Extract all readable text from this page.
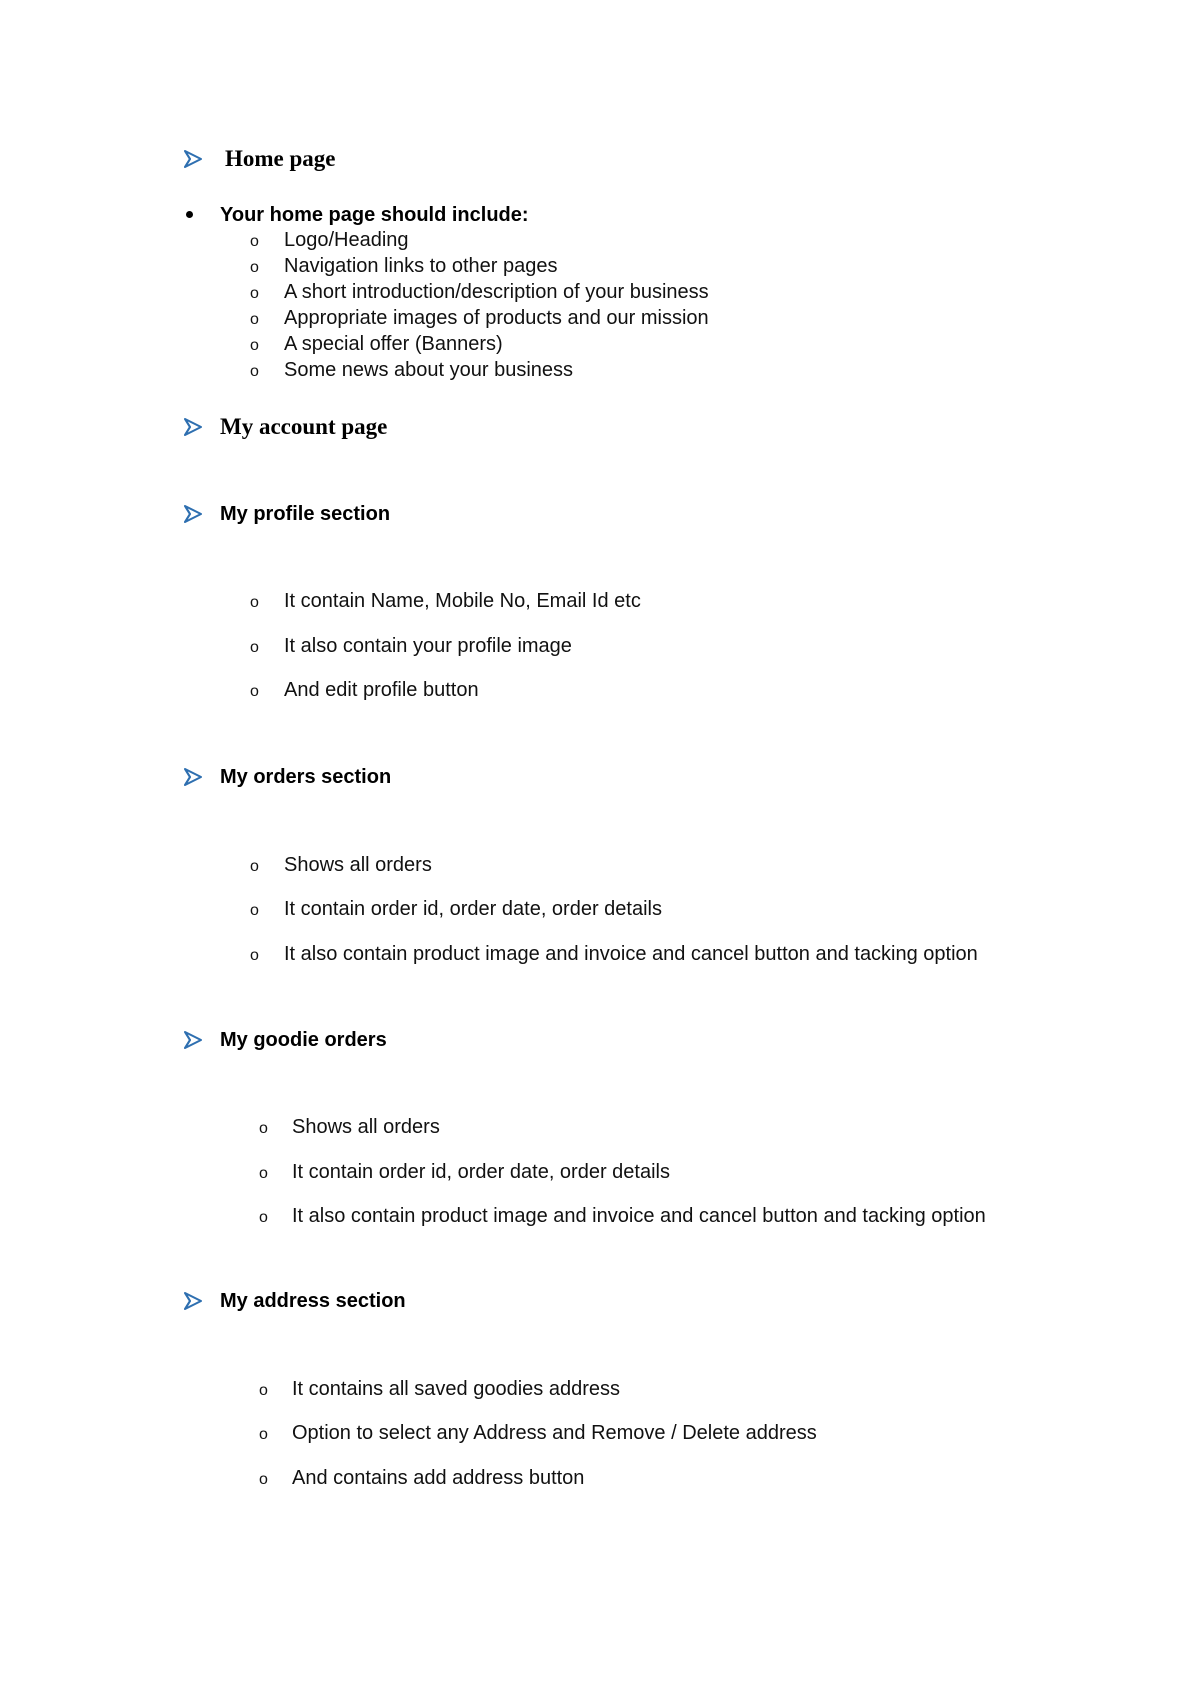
Home page
Your home page should include:
o Logo/Heading
o Navigation links to other pages
o A short introduction/description of your business
o Appropriate images of products and our mission
o A special offer (Banners)
o Some news about your business
My account page
My profile section
o It contain Name, Mobile No, Email Id etc
o It also contain your profile image
o And edit profile button
My orders section
o Shows all orders
o It contain order id, order date, order details
o It also contain product image and invoice and cancel button and tacking option
My goodie orders
o Shows all orders
o It contain order id, order date, order details
o It also contain product image and invoice and cancel button and tacking option
My address section
o It contains all saved goodies address
o Option to select any Address and Remove / Delete address
o And contains add address button
